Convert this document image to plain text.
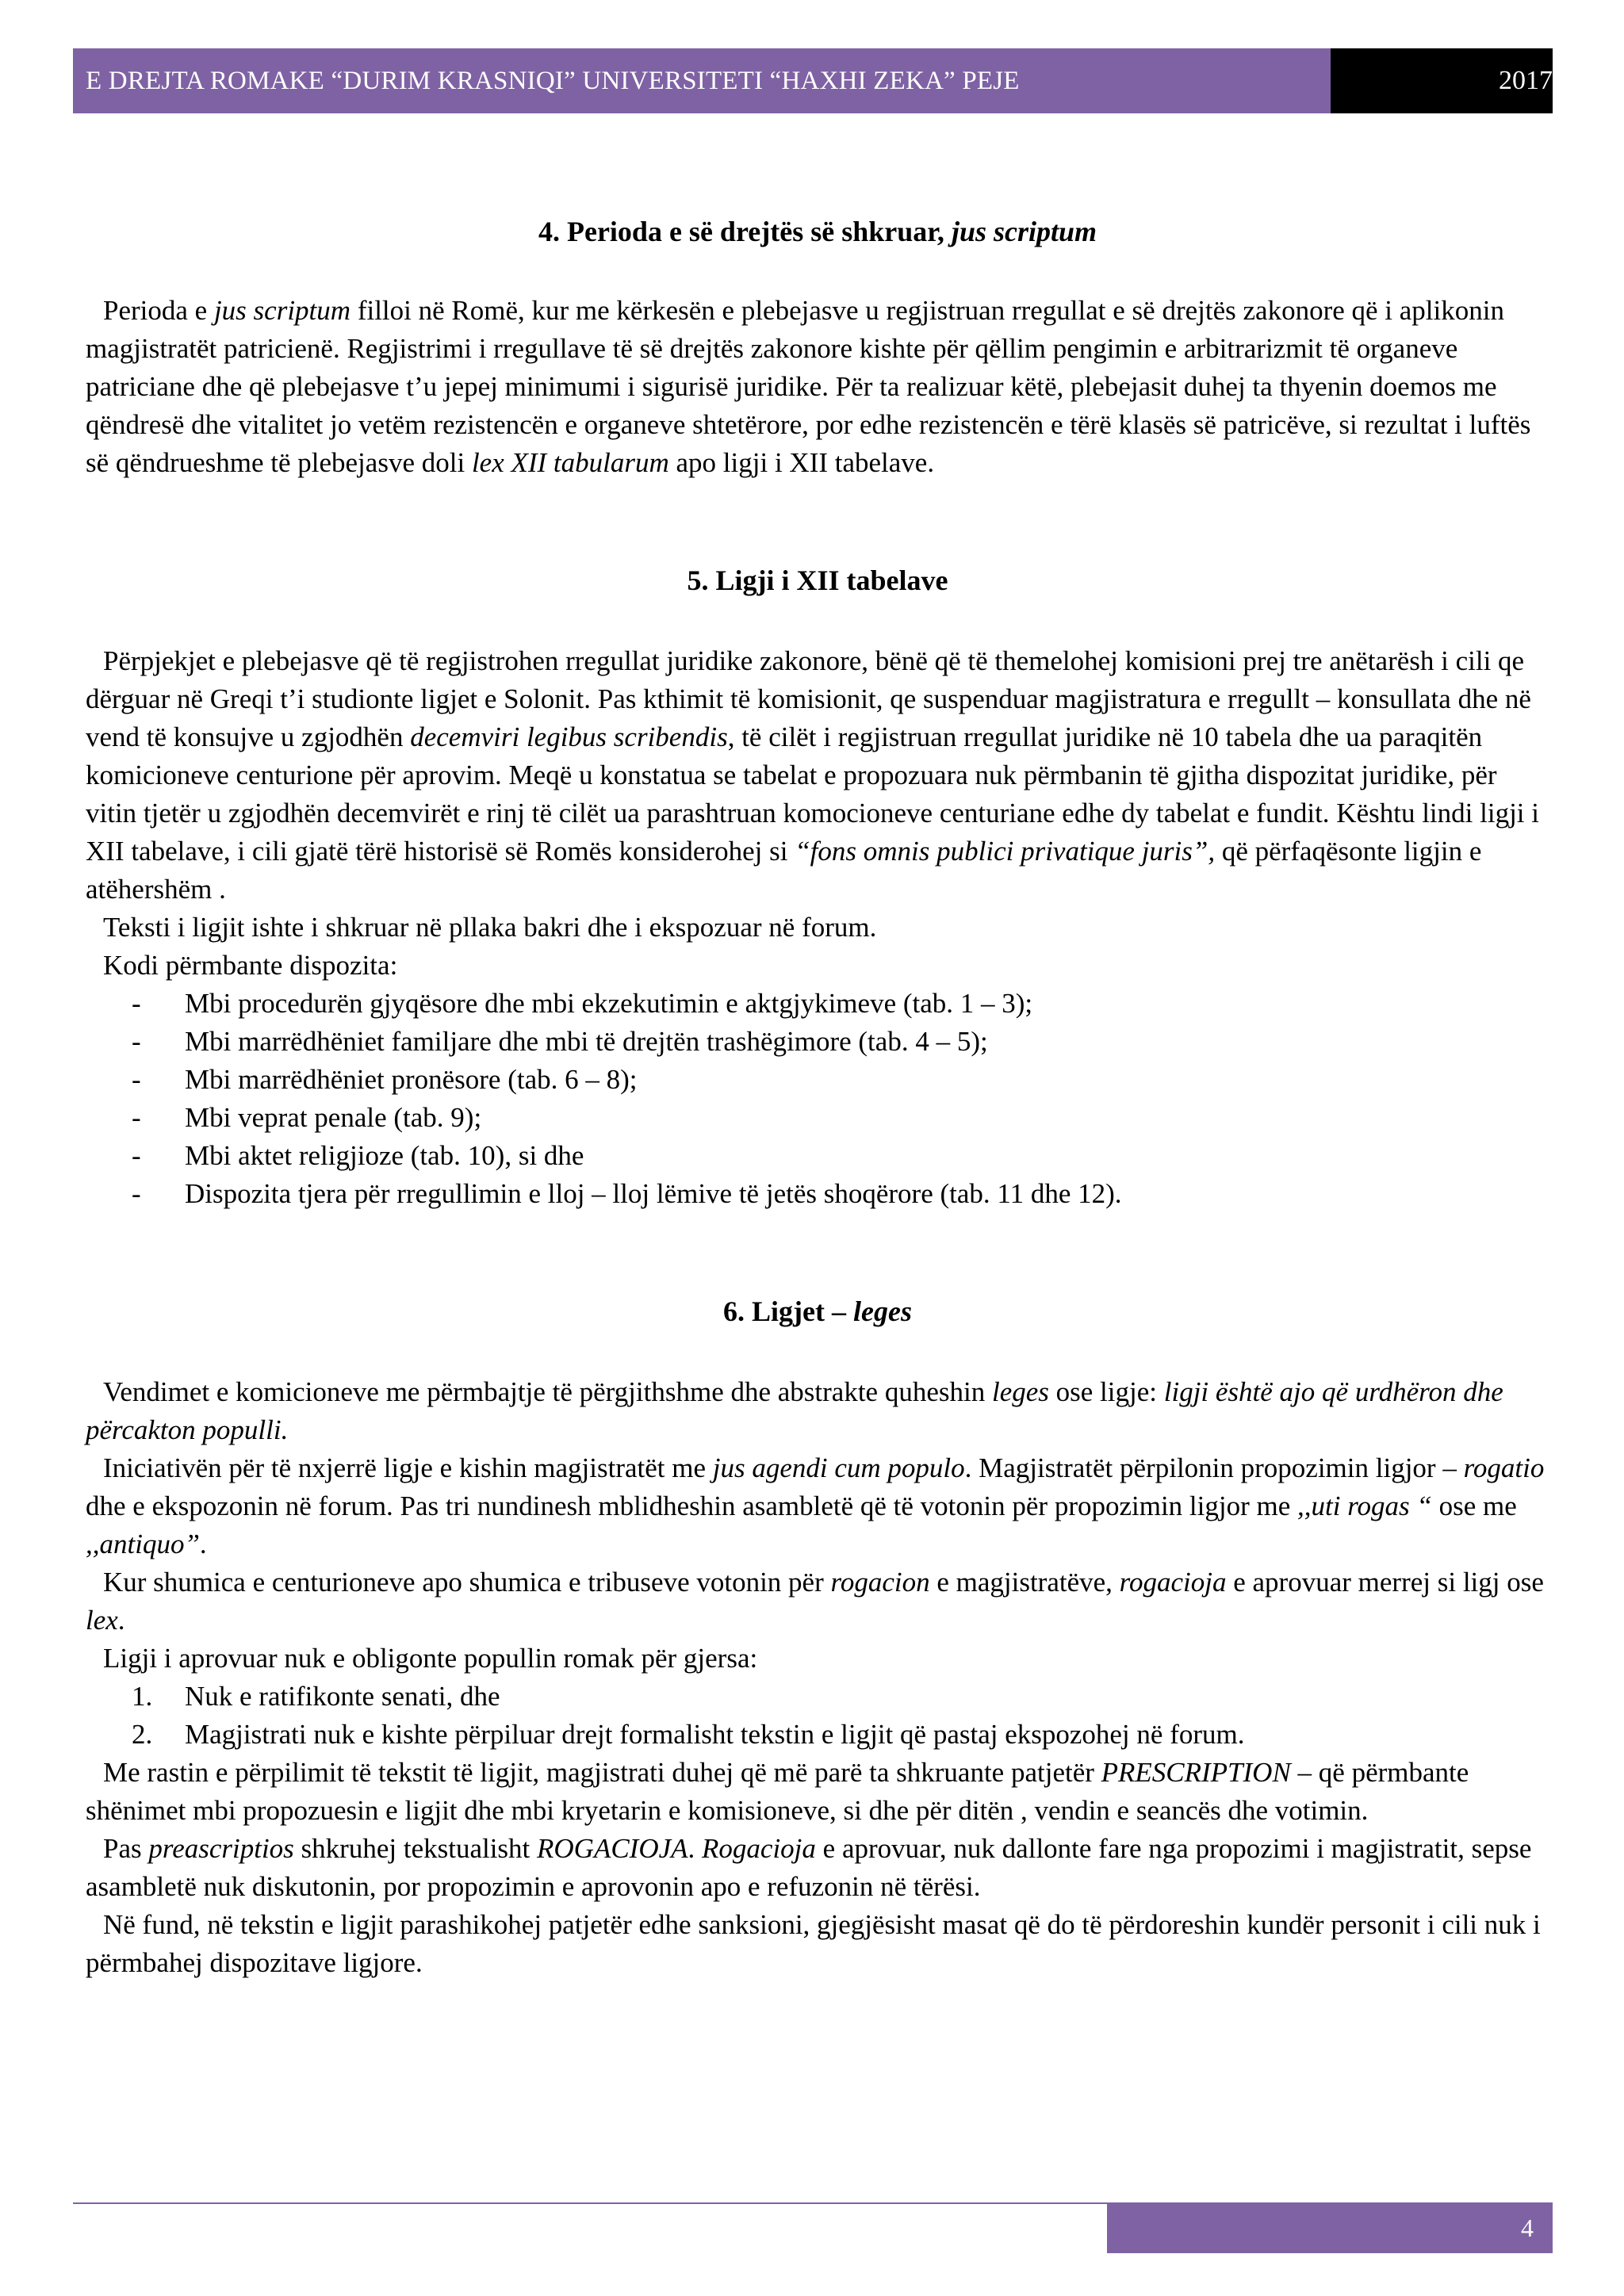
E DREJTA ROMAKE “DURIM KRASNIQI” UNIVERSITETI “HAXHI ZEKA” PEJE	2017

4. Perioda e së drejtës së shkruar, jus scriptum

Perioda e jus scriptum filloi në Romë, kur me kërkesën e plebejasve u regjistruan rregullat e së drejtës zakonore që i aplikonin magjistratët patricienë. Regjistrimi i rregullave të së drejtës zakonore kishte për qëllim pengimin e arbitrarizmit të organeve patriciane dhe që plebejasve t’u jepej minimumi i sigurisë juridike. Për ta realizuar këtë, plebejasit duhej ta thyenin doemos me qëndresë dhe vitalitet jo vetëm rezistencën e organeve shtetërore, por edhe rezistencën e tërë klasës së patricëve, si rezultat i luftës së qëndrueshme të plebejasve doli lex XII tabularum apo ligji i XII tabelave.

5. Ligji i XII tabelave

Përpjekjet e plebejasve që të regjistrohen rregullat juridike zakonore, bënë që të themelohej komisioni prej tre anëtarësh i cili qe dërguar në Greqi t’i studionte ligjet e Solonit. Pas kthimit të komisionit, qe suspenduar magjistratura e rregullt – konsullata dhe në vend të konsujve u zgjodhën decemviri legibus scribendis, të cilët i regjistruan rregullat juridike në 10 tabela dhe ua paraqitën komicioneve centurione për aprovim. Meqë u konstatua se tabelat e propozuara nuk përmbanin të gjitha dispozitat juridike, për vitin tjetër u zgjodhën decemvirët e rinj të cilët ua parashtruan komocioneve centuriane edhe dy tabelat e fundit. Kështu lindi ligji i XII tabelave, i cili gjatë tërë historisë së Romës konsiderohej si “fons omnis publici privatique juris”, që përfaqësonte ligjin e atëhershëm .

Teksti i ligjit ishte i shkruar në pllaka bakri dhe i ekspozuar në forum.

Kodi përmbante dispozita:

- Mbi procedurën gjyqësore dhe mbi ekzekutimin e aktgjykimeve (tab. 1 – 3);
- Mbi marrëdhëniet familjare dhe mbi të drejtën trashëgimore (tab. 4 – 5);
- Mbi marrëdhëniet pronësore (tab. 6 – 8);
- Mbi veprat penale (tab. 9);
- Mbi aktet religjioze (tab. 10), si dhe
- Dispozita tjera për rregullimin e lloj – lloj lëmive të jetës shoqërore (tab. 11 dhe 12).

6. Ligjet – leges

Vendimet e komicioneve me përmbajtje të përgjithshme dhe abstrakte quheshin leges ose ligje: ligji është ajo që urdhëron dhe përcakton populli.

Iniciativën për të nxjerrë ligje e kishin magjistratët me jus agendi cum populo. Magjistratët përpilonin propozimin ligjor – rogatio dhe e ekspozonin në forum. Pas tri nundinesh mblidheshin asambletë që të votonin për propozimin ligjor me ,,uti rogas “ ose me ,,antiquo”.

Kur shumica e centurioneve apo shumica e tribuseve votonin për rogacion e magjistratëve, rogacioja e aprovuar merrej si ligj ose lex.

Ligji i aprovuar nuk e obligonte popullin romak për gjersa:

1. Nuk e ratifikonte senati, dhe
2. Magjistrati nuk e kishte përpiluar drejt formalisht tekstin e ligjit që pastaj ekspozohej në forum.

Me rastin e përpilimit të tekstit të ligjit, magjistrati duhej që më parë ta shkruante patjetër PRESCRIPTION – që përmbante shënimet mbi propozuesin e ligjit dhe mbi kryetarin e komisioneve, si dhe për ditën , vendin e seancës dhe votimin.

Pas preascriptios shkruhej tekstualisht ROGACIOJA. Rogacioja e aprovuar, nuk dallonte fare nga propozimi i magjistratit, sepse asambletë nuk diskutonin, por propozimin e aprovonin apo e refuzonin në tërësi.

Në fund, në tekstin e ligjit parashikohej patjetër edhe sanksioni, gjegjësisht masat që do të përdoreshin kundër personit i cili nuk i përmbahej dispozitave ligjore.

4
